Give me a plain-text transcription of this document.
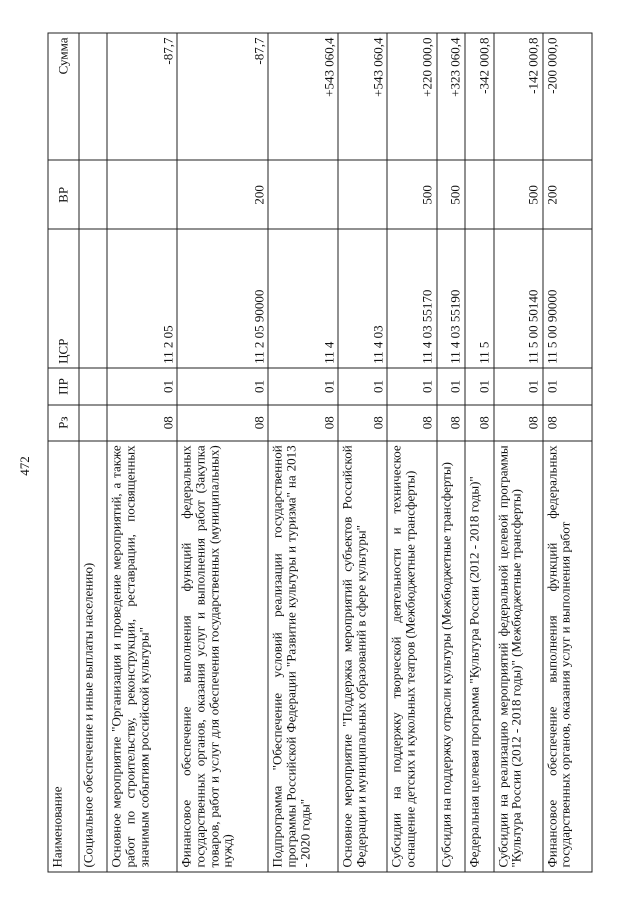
472
Наименование	Рз	ПР	ЦСР	ВР	Сумма
(Социальное обеспечение и иные выплаты населению)					
Основное мероприятие "Организация и проведение мероприятий, а также работ по строительству, реконструкции, реставрации, посвященных значимым событиям российской культуры"	08	01	11 2 05		-87,7
Финансовое обеспечение выполнения функций федеральных государственных органов, оказания услуг и выполнения работ (Закупка товаров, работ и услуг для обеспечения государственных (муниципальных) нужд)	08	01	11 2 05 90000	200	-87,7
Подпрограмма "Обеспечение условий реализации государственной программы Российской Федерации "Развитие культуры и туризма" на 2013 - 2020 годы"	08	01	11 4		+543 060,4
Основное мероприятие "Поддержка мероприятий субъектов Российской Федерации и муниципальных образований в сфере культуры"	08	01	11 4 03		+543 060,4
Субсидии на поддержку творческой деятельности и техническое оснащение детских и кукольных театров (Межбюджетные трансферты)	08	01	11 4 03 55170	500	+220 000,0
Субсидия на поддержку отрасли культуры (Межбюджетные трансферты)	08	01	11 4 03 55190	500	+323 060,4
Федеральная целевая программа "Культура России (2012 - 2018 годы)"	08	01	11 5		-342 000,8
Субсидии на реализацию мероприятий федеральной целевой программы "Культура России (2012 - 2018 годы)" (Межбюджетные трансферты)	08	01	11 5 00 50140	500	-142 000,8
Финансовое обеспечение выполнения функций федеральных государственных органов, оказания услуг и выполнения работ	08	01	11 5 00 90000	200	-200 000,0
